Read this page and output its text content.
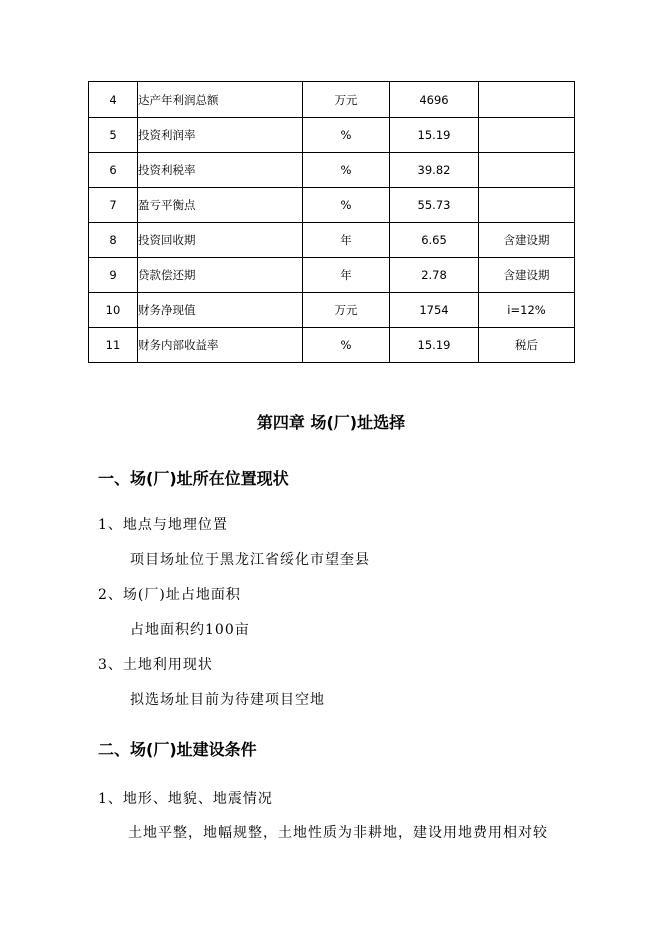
4	达产年利润总额	万元	4696	
5	投资利润率	%	15.19	
6	投资利税率	%	39.82	
7	盈亏平衡点	%	55.73	
8	投资回收期	年	6.65	含建设期
9	贷款偿还期	年	2.78	含建设期
10	财务净现值	万元	1754	i=12%
11	财务内部收益率	%	15.19	税后
第四章 场(厂)址选择
一、场(厂)址所在位置现状
1、地点与地理位置
项目场址位于黑龙江省绥化市望奎县
2、场(厂)址占地面积
占地面积约100亩
3、土地利用现状
拟选场址目前为待建项目空地
二、场(厂)址建设条件
1、地形、地貌、地震情况
土地平整，地幅规整，土地性质为非耕地，建设用地费用相对较
